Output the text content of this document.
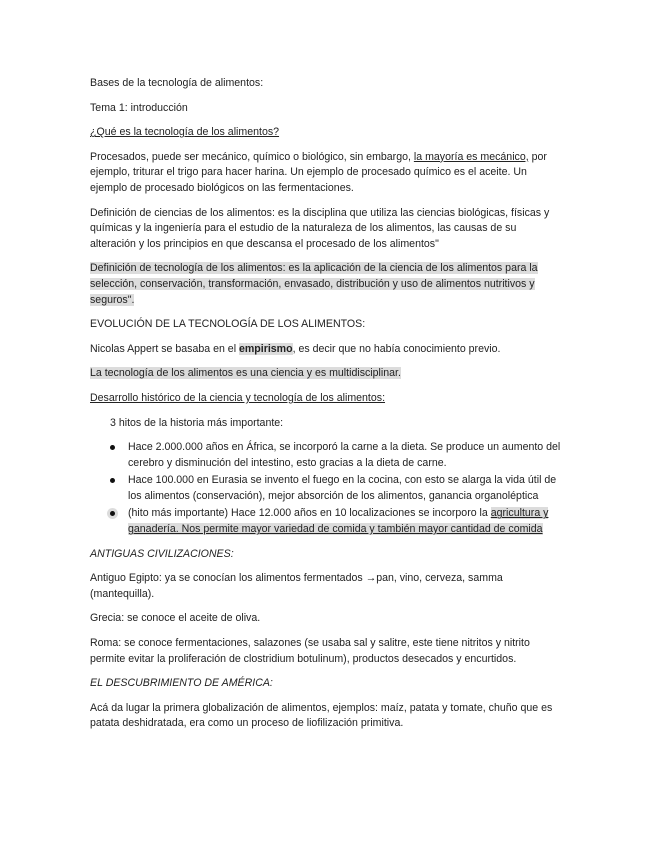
Bases de la tecnología de alimentos:

Tema 1: introducción

¿Qué es la tecnología de los alimentos?

Procesados, puede ser mecánico, químico o biológico, sin embargo, la mayoría es mecánico, por ejemplo, triturar el trigo para hacer harina. Un ejemplo de procesado químico es el aceite. Un ejemplo de procesado biológicos on las fermentaciones.

Definición de ciencias de los alimentos: es la disciplina que utiliza las ciencias biológicas, físicas y químicas y la ingeniería para el estudio de la naturaleza de los alimentos, las causas de su alteración y los principios en que descansa el procesado de los alimentos"

Definición de tecnología de los alimentos: es la aplicación de la ciencia de los alimentos para la selección, conservación, transformación, envasado, distribución y uso de alimentos nutritivos y seguros".

EVOLUCIÓN DE LA TECNOLOGÍA DE LOS ALIMENTOS:

Nicolas Appert se basaba en el empirismo, es decir que no había conocimiento previo.

La tecnología de los alimentos es una ciencia y es multidisciplinar.

Desarrollo histórico de la ciencia y tecnología de los alimentos:

3 hitos de la historia más importante:

Hace 2.000.000 años en África, se incorporó la carne a la dieta. Se produce un aumento del cerebro y disminución del intestino, esto gracias a la dieta de carne.
Hace 100.000 en Eurasia se invento el fuego en la cocina, con esto se alarga la vida útil de los alimentos (conservación), mejor absorción de los alimentos, ganancia organoléptica
(hito más importante) Hace 12.000 años en 10 localizaciones se incorporo la agricultura y ganadería. Nos permite mayor variedad de comida y también mayor cantidad de comida

ANTIGUAS CIVILIZACIONES:

Antiguo Egipto: ya se conocían los alimentos fermentados →pan, vino, cerveza, samma (mantequilla).

Grecia: se conoce el aceite de oliva.

Roma: se conoce fermentaciones, salazones (se usaba sal y salitre, este tiene nitritos y nitrito permite evitar la proliferación de clostridium botulinum), productos desecados y encurtidos.

EL DESCUBRIMIENTO DE AMÉRICA:

Acá da lugar la primera globalización de alimentos, ejemplos: maíz, patata y tomate, chuño que es patata deshidratada, era como un proceso de liofilización primitiva.
